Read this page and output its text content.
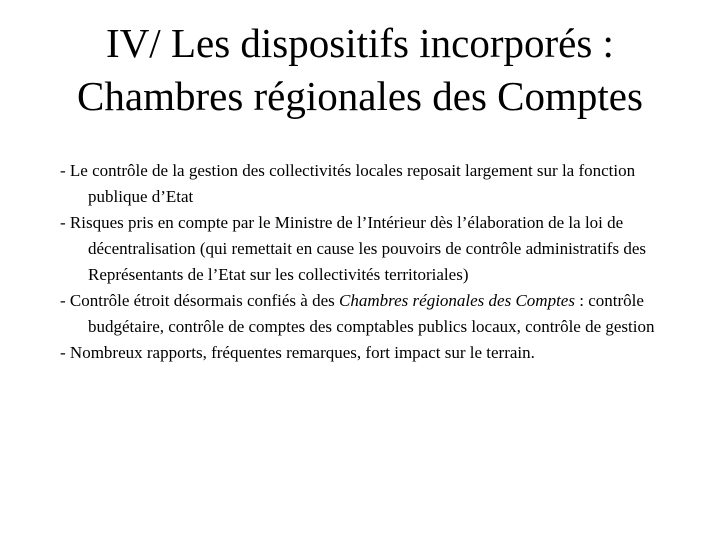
IV/ Les dispositifs incorporés : Chambres régionales des Comptes

- Le contrôle de la gestion des collectivités locales reposait largement sur la fonction publique d’Etat

- Risques pris en compte par le Ministre de l’Intérieur dès l’élaboration de la loi de décentralisation (qui remettait en cause les pouvoirs de contrôle administratifs des Représentants de l’Etat sur les collectivités territoriales)

- Contrôle étroit désormais confiés à des Chambres régionales des Comptes : contrôle budgétaire, contrôle de comptes des comptables publics locaux, contrôle de gestion

- Nombreux rapports, fréquentes remarques, fort impact sur le terrain.
